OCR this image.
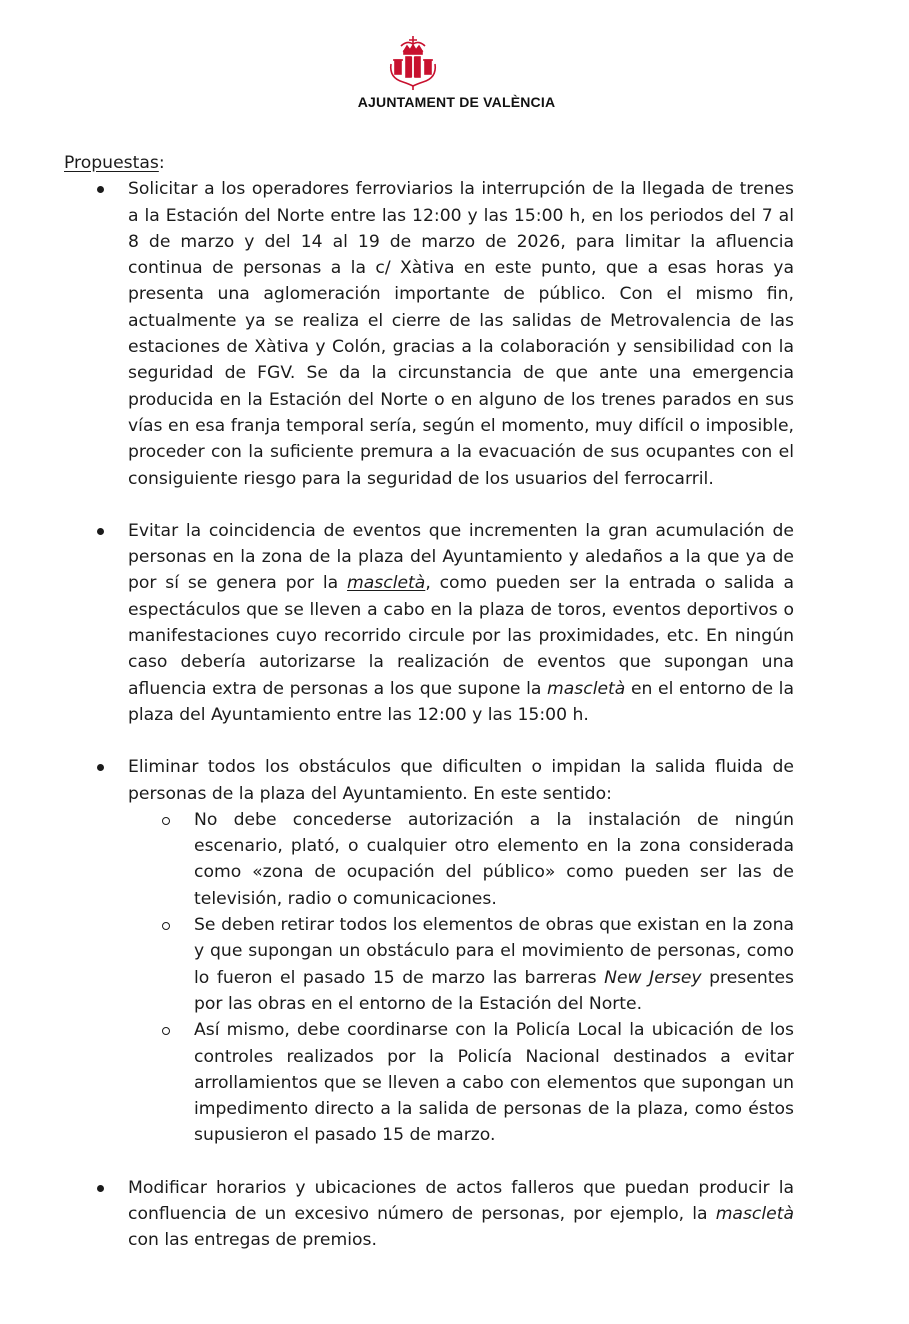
AJUNTAMENT DE VALÈNCIA

Propuestas:

Solicitar a los operadores ferroviarios la interrupción de la llegada de trenes a la Estación del Norte entre las 12:00 y las 15:00 h, en los periodos del 7 al 8 de marzo y del 14 al 19 de marzo de 2026, para limitar la afluencia continua de personas a la c/ Xàtiva en este punto, que a esas horas ya presenta una aglomeración importante de público. Con el mismo fin, actualmente ya se realiza el cierre de las salidas de Metrovalencia de las estaciones de Xàtiva y Colón, gracias a la colaboración y sensibilidad con la seguridad de FGV. Se da la circunstancia de que ante una emergencia producida en la Estación del Norte o en alguno de los trenes parados en sus vías en esa franja temporal sería, según el momento, muy difícil o imposible, proceder con la suficiente premura a la evacuación de sus ocupantes con el consiguiente riesgo para la seguridad de los usuarios del ferrocarril.
Evitar la coincidencia de eventos que incrementen la gran acumulación de personas en la zona de la plaza del Ayuntamiento y aledaños a la que ya de por sí se genera por la mascletà, como pueden ser la entrada o salida a espectáculos que se lleven a cabo en la plaza de toros, eventos deportivos o manifestaciones cuyo recorrido circule por las proximidades, etc. En ningún caso debería autorizarse la realización de eventos que supongan una afluencia extra de personas a los que supone la mascletà en el entorno de la plaza del Ayuntamiento entre las 12:00 y las 15:00 h.
Eliminar todos los obstáculos que dificulten o impidan la salida fluida de personas de la plaza del Ayuntamiento. En este sentido:
No debe concederse autorización a la instalación de ningún escenario, plató, o cualquier otro elemento en la zona considerada como «zona de ocupación del público» como pueden ser las de televisión, radio o comunicaciones.
Se deben retirar todos los elementos de obras que existan en la zona y que supongan un obstáculo para el movimiento de personas, como lo fueron el pasado 15 de marzo las barreras New Jersey presentes por las obras en el entorno de la Estación del Norte.
Así mismo, debe coordinarse con la Policía Local la ubicación de los controles realizados por la Policía Nacional destinados a evitar arrollamientos que se lleven a cabo con elementos que supongan un impedimento directo a la salida de personas de la plaza, como éstos supusieron el pasado 15 de marzo.
Modificar horarios y ubicaciones de actos falleros que puedan producir la confluencia de un excesivo número de personas, por ejemplo, la mascletà con las entregas de premios.
